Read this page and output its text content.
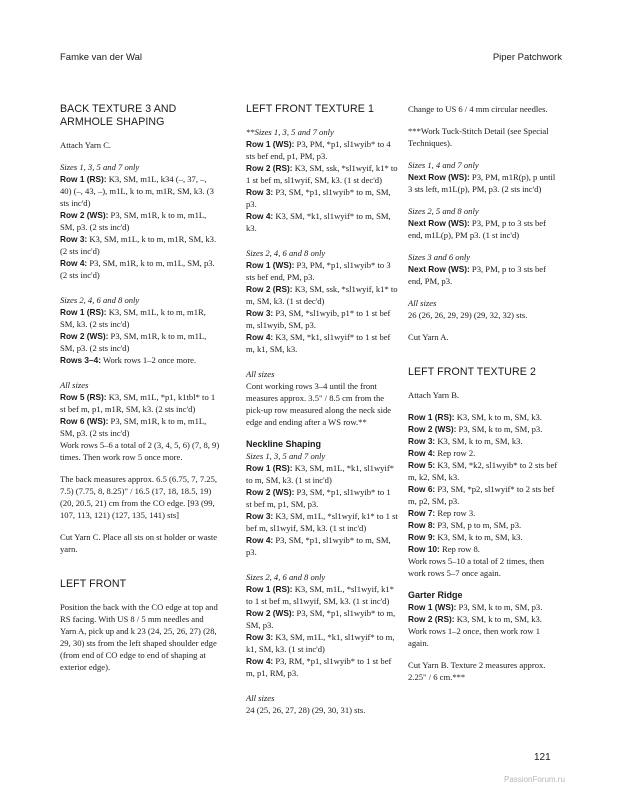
Famke van der Wal	Piper Patchwork
BACK TEXTURE 3 AND ARMHOLE SHAPING

Attach Yarn C.

Sizes 1, 3, 5 and 7 only
Row 1 (RS): K3, SM, m1L, k34 (–, 37, –, 40) (–, 43, –), m1L, k to m, m1R, SM, k3. (3 sts inc'd)
Row 2 (WS): P3, SM, m1R, k to m, m1L, SM, p3. (2 sts inc'd)
Row 3: K3, SM, m1L, k to m, m1R, SM, k3. (2 sts inc'd)
Row 4: P3, SM, m1R, k to m, m1L, SM, p3. (2 sts inc'd)
Sizes 2, 4, 6 and 8 only
Row 1 (RS): K3, SM, m1L, k to m, m1R, SM, k3. (2 sts inc'd)
Row 2 (WS): P3, SM, m1R, k to m, m1L, SM, p3. (2 sts inc'd)
Rows 3–4: Work rows 1–2 once more.
All sizes
Row 5 (RS): K3, SM, m1L, *p1, k1tbl* to 1 st bef m, p1, m1R, SM, k3. (2 sts inc'd)
Row 6 (WS): P3, SM, m1R, k to m, m1L, SM, p3. (2 sts inc'd)

Work rows 5–6 a total of 2 (3, 4, 5, 6) (7, 8, 9) times. Then work row 5 once more.

The back measures approx. 6.5 (6.75, 7, 7.25, 7.5) (7.75, 8, 8.25)" / 16.5 (17, 18, 18.5, 19) (20, 20.5, 21) cm from the CO edge. [93 (99, 107, 113, 121) (127, 135, 141) sts]

Cut Yarn C. Place all sts on st holder or waste yarn.

LEFT FRONT

Position the back with the CO edge at top and RS facing. With US 8 / 5 mm needles and Yarn A, pick up and k 23 (24, 25, 26, 27) (28, 29, 30) sts from the left shaped shoulder edge (from end of CO edge to end of shaping at exterior edge).

LEFT FRONT TEXTURE 1
**Sizes 1, 3, 5 and 7 only
Row 1 (WS): P3, PM, *p1, sl1wyib* to 4 sts bef end, p1, PM, p3.
Row 2 (RS): K3, SM, ssk, *sl1wyif, k1* to 1 st bef m, sl1wyif, SM, k3. (1 st dec'd)
Row 3: P3, SM, *p1, sl1wyib* to m, SM, p3.
Row 4: K3, SM, *k1, sl1wyif* to m, SM, k3.
Sizes 2, 4, 6 and 8 only
Row 1 (WS): P3, PM, *p1, sl1wyib* to 3 sts bef end, PM, p3.
Row 2 (RS): K3, SM, ssk, *sl1wyif, k1* to m, SM, k3. (1 st dec'd)
Row 3: P3, SM, *sl1wyib, p1* to 1 st bef m, sl1wyib, SM, p3.
Row 4: K3, SM, *k1, sl1wyif* to 1 st bef m, k1, SM, k3.
All sizes

Cont working rows 3–4 until the front measures approx. 3.5" / 8.5 cm from the pick-up row measured along the neck side edge and ending after a WS row.**

Neckline Shaping
Sizes 1, 3, 5 and 7 only
Row 1 (RS): K3, SM, m1L, *k1, sl1wyif* to m, SM, k3. (1 st inc'd)
Row 2 (WS): P3, SM, *p1, sl1wyib* to 1 st bef m, p1, SM, p3.
Row 3: K3, SM, m1L, *sl1wyif, k1* to 1 st bef m, sl1wyif, SM, k3. (1 st inc'd)
Row 4: P3, SM, *p1, sl1wyib* to m, SM, p3.
Sizes 2, 4, 6 and 8 only
Row 1 (RS): K3, SM, m1L, *sl1wyif, k1* to 1 st bef m, sl1wyif, SM, k3. (1 st inc'd)
Row 2 (WS): P3, SM, *p1, sl1wyib* to m, SM, p3.
Row 3: K3, SM, m1L, *k1, sl1wyif* to m, k1, SM, k3. (1 st inc'd)
Row 4: P3, RM, *p1, sl1wyib* to 1 st bef m, p1, RM, p3.
All sizes
24 (25, 26, 27, 28) (29, 30, 31) sts.

Change to US 6 / 4 mm circular needles.

***Work Tuck-Stitch Detail (see Special Techniques).

Sizes 1, 4 and 7 only

Next Row (WS): P3, PM, m1R(p), p until 3 sts left, m1L(p), PM, p3. (2 sts inc'd)

Sizes 2, 5 and 8 only

Next Row (WS): P3, PM, p to 3 sts bef end, m1L(p), PM p3. (1 st inc'd)

Sizes 3 and 6 only

Next Row (WS): P3, PM, p to 3 sts bef end, PM, p3.

All sizes

26 (26, 26, 29, 29) (29, 32, 32) sts.

Cut Yarn A.

LEFT FRONT TEXTURE 2

Attach Yarn B.

Row 1 (RS): K3, SM, k to m, SM, k3.
Row 2 (WS): P3, SM, k to m, SM, p3.
Row 3: K3, SM, k to m, SM, k3.
Row 4: Rep row 2.
Row 5: K3, SM, *k2, sl1wyib* to 2 sts bef m, k2, SM, k3.
Row 6: P3, SM, *p2, sl1wyif* to 2 sts bef m, p2, SM, p3.
Row 7: Rep row 3.
Row 8: P3, SM, p to m, SM, p3.
Row 9: K3, SM, k to m, SM, k3.
Row 10: Rep row 8.

Work rows 5–10 a total of 2 times, then work rows 5–7 once again.

Garter Ridge
Row 1 (WS): P3, SM, k to m, SM, p3.
Row 2 (RS): K3, SM, k to m, SM, k3.

Work rows 1–2 once, then work row 1 again.

Cut Yarn B. Texture 2 measures approx. 2.25" / 6 cm.***

121
PassionForum.ru
